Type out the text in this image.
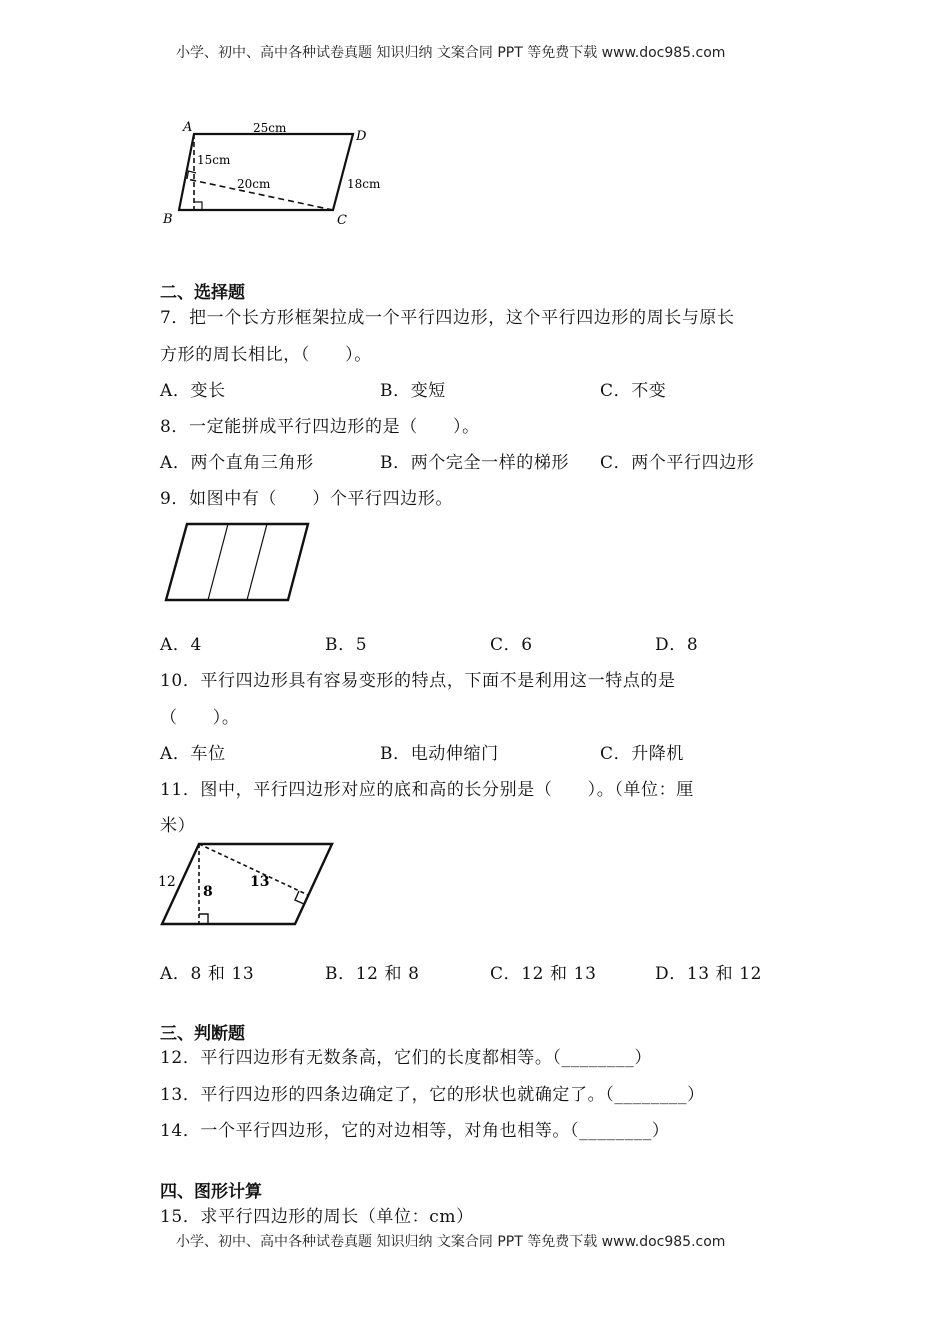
小学、初中、高中各种试卷真题 知识归纳 文案合同 PPT 等免费下载 www.doc985.com
A
D
B	C
25cm
15cm
20cm	18cm
二、选择题
7．把一个长方形框架拉成一个平行四边形，这个平行四边形的周长与原长
方形的周长相比，（　　）。
A．变长	B．变短	C．不变
8．一定能拼成平行四边形的是（　　）。
A．两个直角三角形	B．两个完全一样的梯形 C．两个平行四边形
9．如图中有（　　）个平行四边形。
A．4	B．5	C．6	D．8
10．平行四边形具有容易变形的特点，下面不是利用这一特点的是
（　　）。
A．车位	B．电动伸缩门	C．升降机
11．图中，平行四边形对应的底和高的长分别是（　　）。（单位：厘
米）
12
8
13
A．8 和 13	B．12 和 8	C．12 和 13	D．13 和 12
三、判断题
12．平行四边形有无数条高，它们的长度都相等。（________）
13．平行四边形的四条边确定了，它的形状也就确定了。（________）
14．一个平行四边形，它的对边相等，对角也相等。（________）
四、图形计算
15．求平行四边形的周长（单位：cm）
小学、初中、高中各种试卷真题 知识归纳 文案合同 PPT 等免费下载 www.doc985.com
